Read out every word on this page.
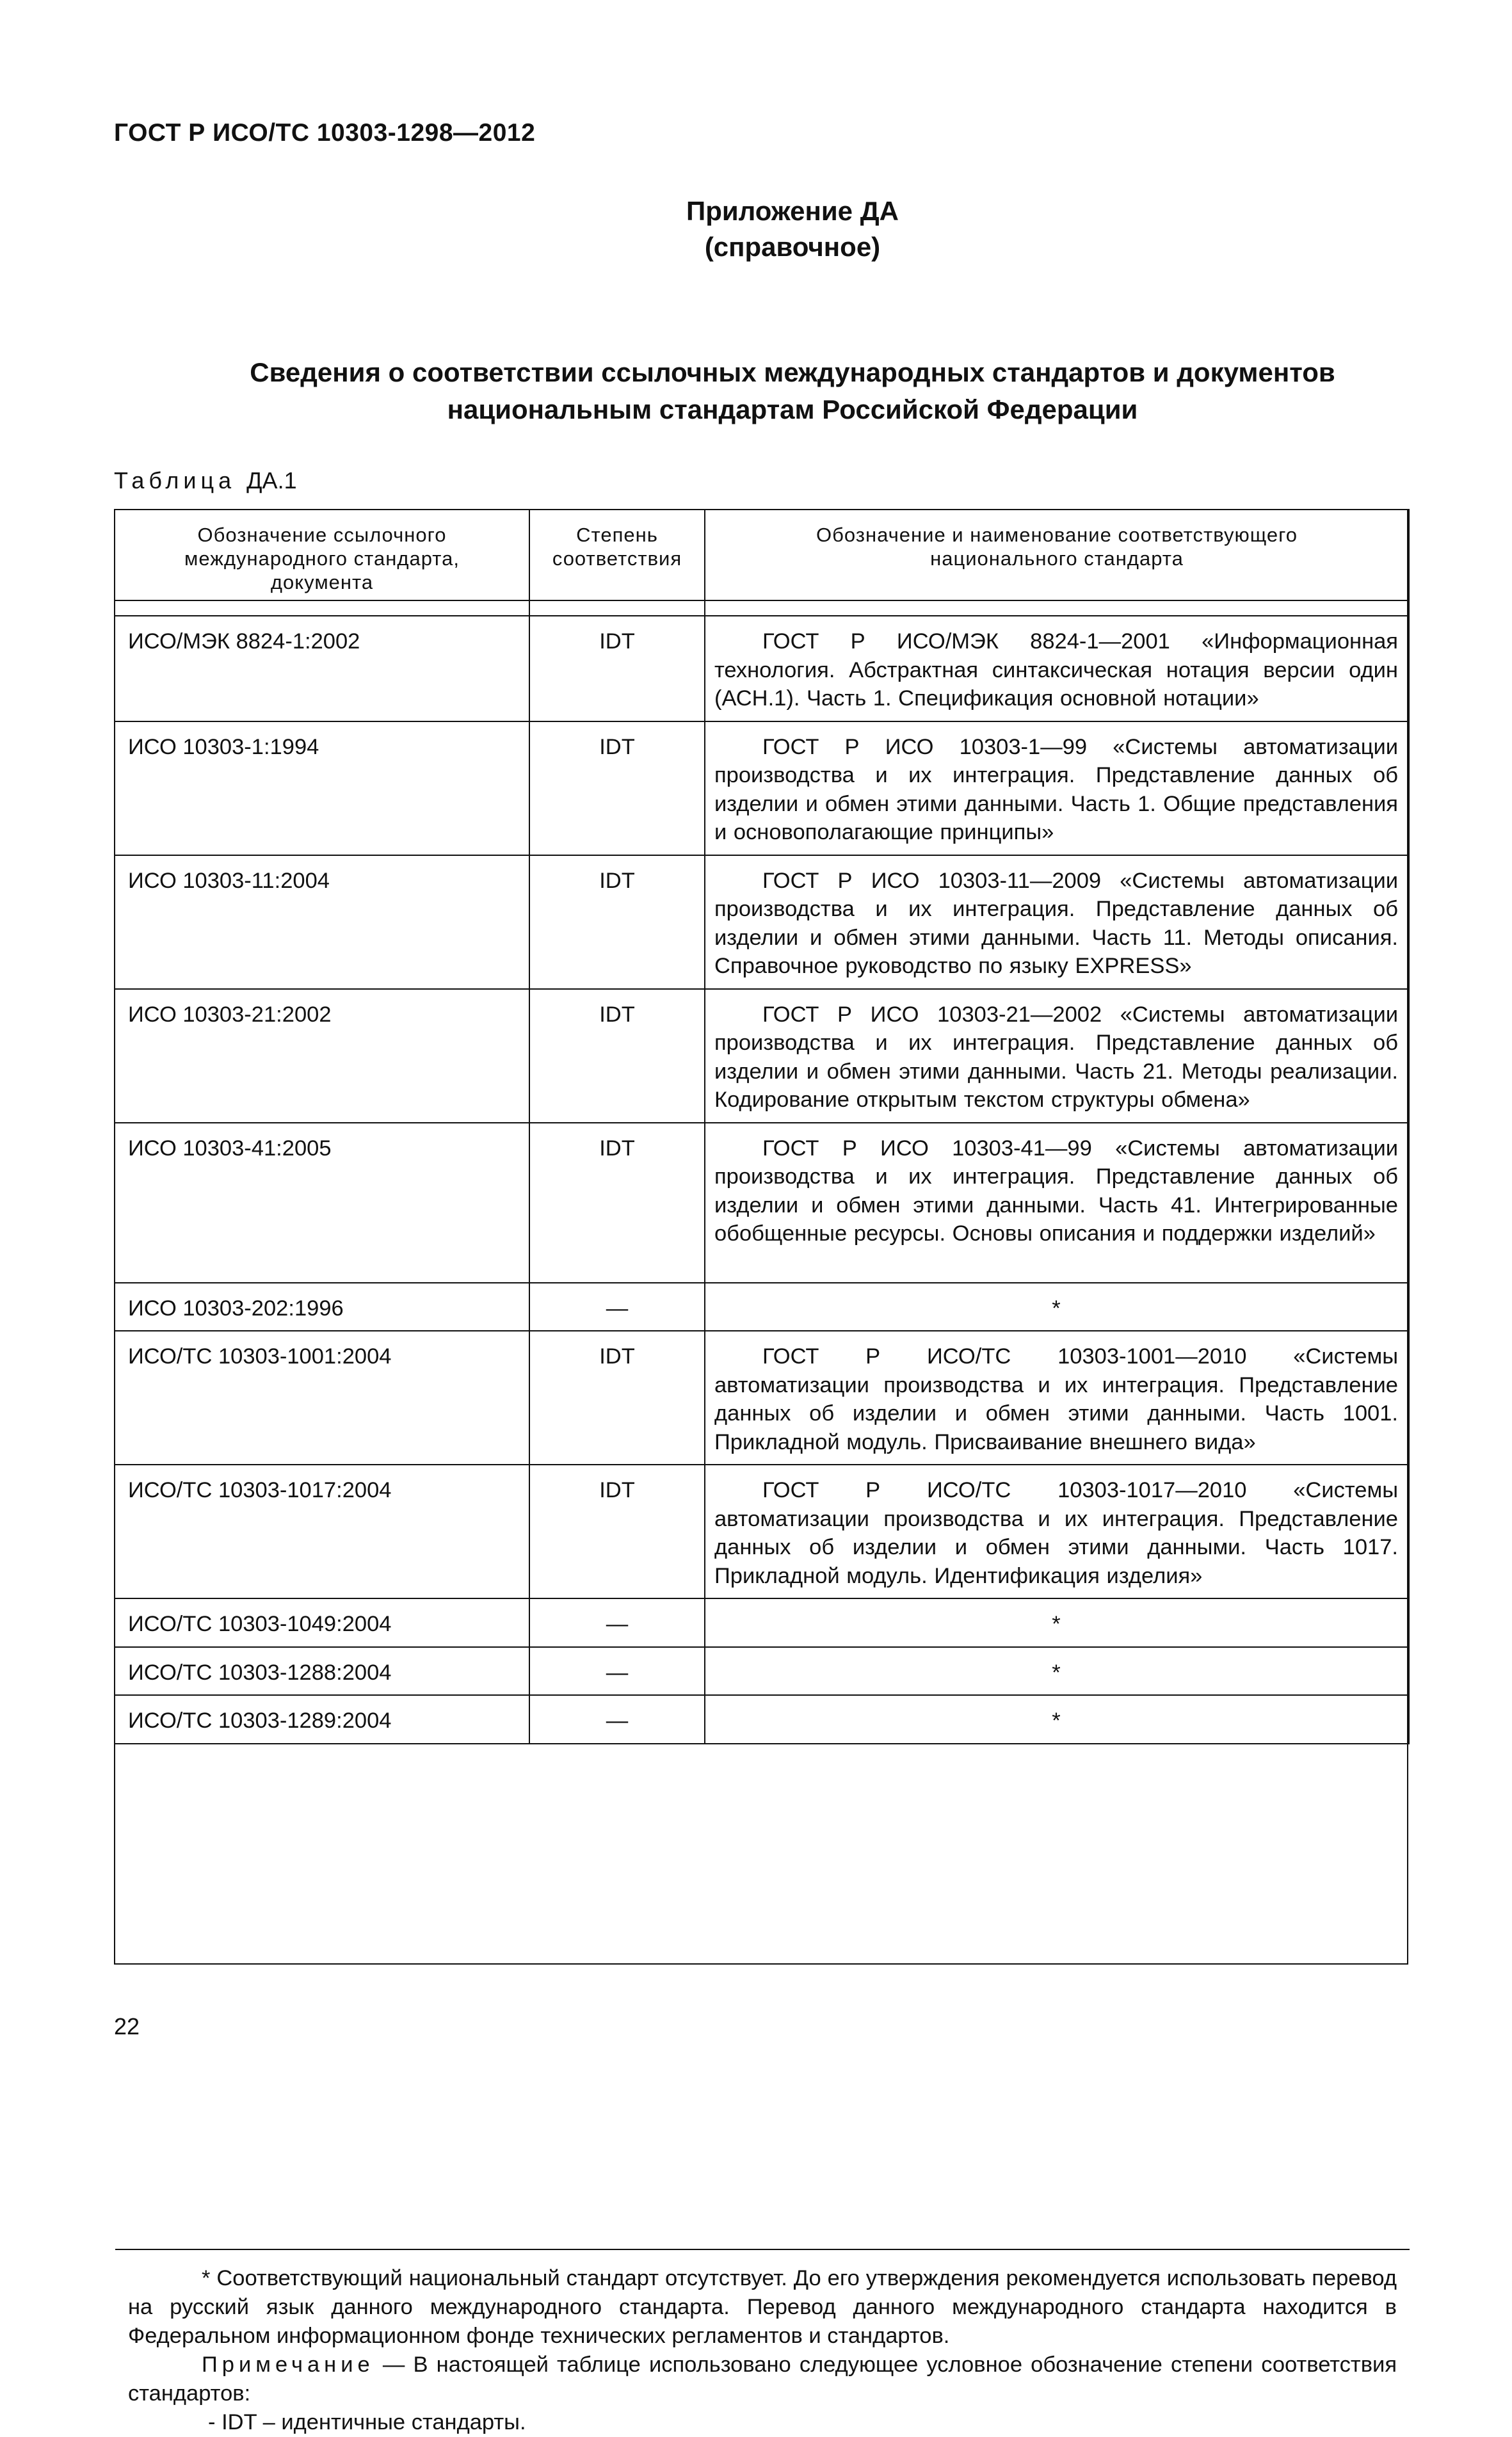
ГОСТ Р ИСО/ТС 10303-1298—2012
Приложение ДА
(справочное)
Сведения о соответствии ссылочных международных стандартов и документов
национальным стандартам Российской Федерации
Таблица ДА.1
Обозначение ссылочного международного стандарта, документа	Степень соответствия	Обозначение и наименование соответствующего национального стандарта

ИСО/МЭК 8824-1:2002	IDT	ГОСТ Р ИСО/МЭК 8824-1—2001 «Информационная технология. Абстрактная синтаксическая нотация версии один (АСН.1). Часть 1. Спецификация основной нотации»
ИСО 10303-1:1994	IDT	ГОСТ Р ИСО 10303-1—99 «Системы автоматизации производства и их интеграция. Представление данных об изделии и обмен этими данными. Часть 1. Общие представления и основополагающие принципы»
ИСО 10303-11:2004	IDT	ГОСТ Р ИСО 10303-11—2009 «Системы автоматизации производства и их интеграция. Представление данных об изделии и обмен этими данными. Часть 11. Методы описания. Справочное руководство по языку EXPRESS»
ИСО 10303-21:2002	IDT	ГОСТ Р ИСО 10303-21—2002 «Системы автоматизации производства и их интеграция. Представление данных об изделии и обмен этими данными. Часть 21. Методы реализации. Кодирование открытым текстом структуры обмена»
ИСО 10303-41:2005	IDT	ГОСТ Р ИСО 10303-41—99 «Системы автоматизации производства и их интеграция. Представление данных об изделии и обмен этими данными. Часть 41. Интегрированные обобщенные ресурсы. Основы описания и поддержки изделий»
ИСО 10303-202:1996	—	*
ИСО/ТС 10303-1001:2004	IDT	ГОСТ Р ИСО/ТС 10303-1001—2010 «Системы автоматизации производства и их интеграция. Представление данных об изделии и обмен этими данными. Часть 1001. Прикладной модуль. Присваивание внешнего вида»
ИСО/ТС 10303-1017:2004	IDT	ГОСТ Р ИСО/ТС 10303-1017—2010 «Системы автоматизации производства и их интеграция. Представление данных об изделии и обмен этими данными. Часть 1017. Прикладной модуль. Идентификация изделия»
ИСО/ТС 10303-1049:2004	—	*
ИСО/ТС 10303-1288:2004	—	*
ИСО/ТС 10303-1289:2004	—	*

* Соответствующий национальный стандарт отсутствует. До его утверждения рекомендуется использовать перевод на русский язык данного международного стандарта. Перевод данного международного стандарта находится в Федеральном информационном фонде технических регламентов и стандартов.

Примечание — В настоящей таблице использовано следующее условное обозначение степени соответствия стандартов:

- IDT – идентичные стандарты.

22
